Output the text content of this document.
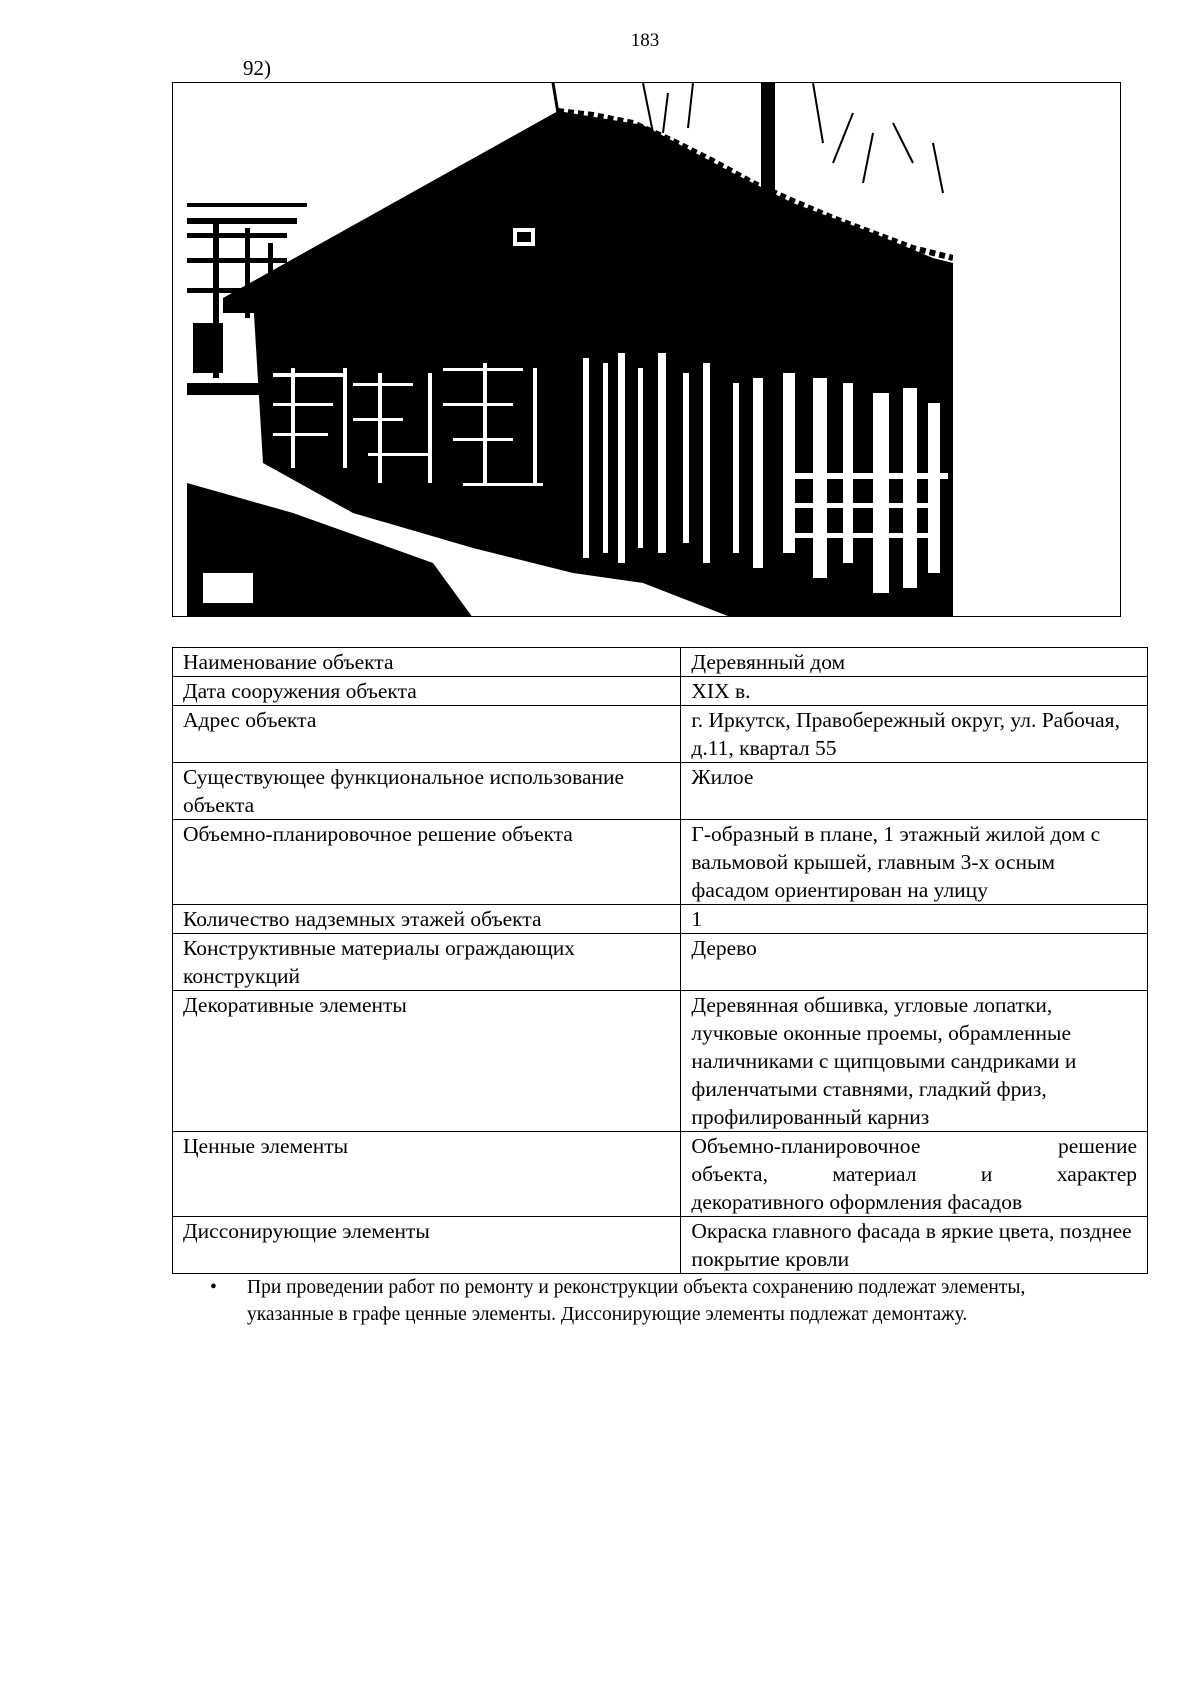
183
92)
Наименование объекта	Деревянный дом
Дата сооружения объекта	XIX в.
Адрес объекта	г. Иркутск, Правобережный округ, ул. Рабочая, д.11, квартал 55
Существующее функциональное использование объекта	Жилое
Объемно-планировочное решение объекта	Г-образный в плане, 1 этажный жилой дом с вальмовой крышей, главным 3-х осным фасадом ориентирован на улицу
Количество надземных этажей объекта	1
Конструктивные материалы ограждающих конструкций	Дерево
Декоративные элементы	Деревянная обшивка, угловые лопатки, лучковые оконные проемы, обрамленные наличниками с щипцовыми сандриками и филенчатыми ставнями, гладкий фриз, профилированный карниз
Ценные элементы	Объемно-планировочное решение
объекта, материал и характер
декоративного оформления фасадов
Диссонирующие элементы	Окраска главного фасада в яркие цвета, позднее покрытие кровли
• При проведении работ по ремонту и реконструкции объекта сохранению подлежат элементы, указанные в графе ценные элементы. Диссонирующие элементы подлежат демонтажу.
